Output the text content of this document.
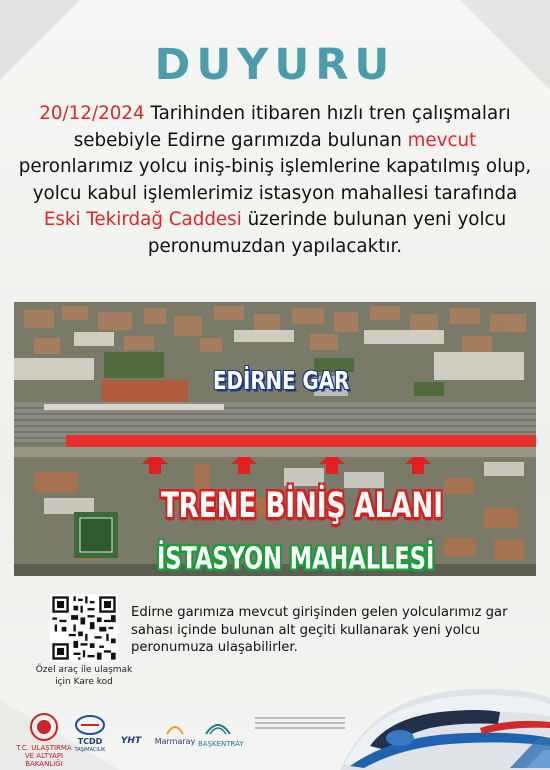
DUYURU
20/12/2024 Tarihinden itibaren hızlı tren çalışmaları sebebiyle Edirne garımızda bulunan mevcut peronlarımız yolcu iniş-biniş işlemlerine kapatılmış olup, yolcu kabul işlemlerimiz istasyon mahallesi tarafında Eski Tekirdağ Caddesi üzerinde bulunan yeni yolcu peronumuzdan yapılacaktır.
EDİRNE GAR
TRENE BİNİŞ ALANI
İSTASYON MAHALLESİ
Özel araç ile ulaşmak için Kare kod
Edirne garımıza mevcut girişinden gelen yolcularımız gar sahası içinde bulunan alt geçiti kullanarak yeni yolcu peronumuza ulaşabilirler.
T.C. ULAŞTIRMA VE ALTYAPI BAKANLIĞI
TCDD
TAŞIMACILIK
YHT	Marmaray BAŞKENTRAY
